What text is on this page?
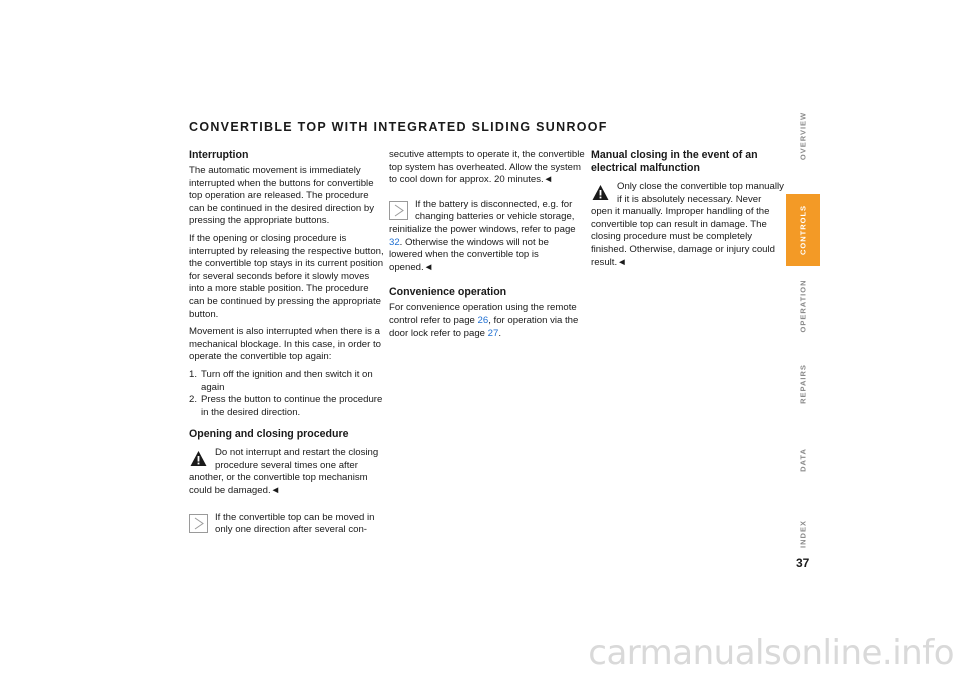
CONVERTIBLE TOP WITH INTEGRATED SLIDING SUNROOF
Interruption

The automatic movement is immediately interrupted when the buttons for convertible top operation are released. The procedure can be continued in the desired direction by pressing the appropriate buttons.

If the opening or closing procedure is interrupted by releasing the respective button, the convertible top stays in its current position for several seconds before it slowly moves into a more stable position. The procedure can be continued by pressing the appropriate button.

Movement is also interrupted when there is a mechanical blockage. In this case, in order to operate the convertible top again:

1. Turn off the ignition and then switch it on again
2. Press the button to continue the procedure in the desired direction.
Opening and closing procedure
Do not interrupt and restart the closing procedure several times one after another, or the convertible top mechanism could be damaged.◄
If the convertible top can be moved in only one direction after several con-

secutive attempts to operate it, the convertible top system has overheated. Allow the system to cool down for approx. 20 minutes.◄

If the battery is disconnected, e.g. for changing batteries or vehicle storage, reinitialize the power windows, refer to page 32. Otherwise the windows will not be lowered when the convertible top is opened.◄
Convenience operation

For convenience operation using the remote control refer to page 26, for operation via the door lock refer to page 27.

Manual closing in the event of an electrical malfunction
Only close the convertible top manually if it is absolutely necessary. Never open it manually. Improper handling of the convertible top can result in damage. The closing procedure must be completely finished. Otherwise, damage or injury could result.◄
OVERVIEW
CONTROLS
OPERATION
REPAIRS
DATA
INDEX
37
carmanualsonline.info
